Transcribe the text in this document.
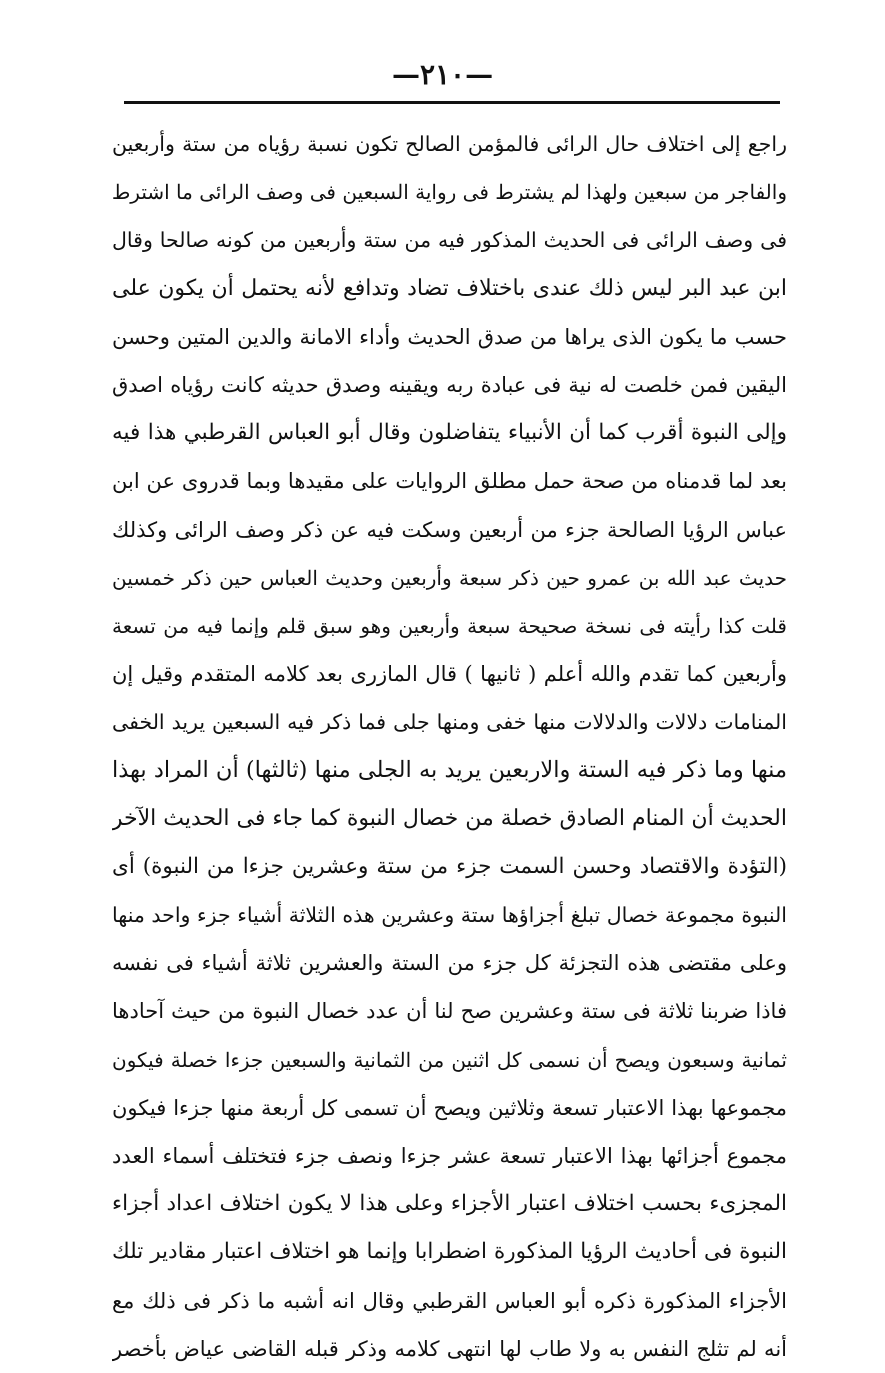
—٢١٠—
راجع إلى اختلاف حال الرائى فالمؤمن الصالح تكون نسبة رؤياه من ستة وأربعين
والفاجر من سبعين ولهذا لم يشترط فى رواية السبعين فى وصف الرائى ما اشترط
فى وصف الرائى فى الحديث المذكور فيه من ستة وأربعين من كونه صالحا وقال
ابن عبد البر ليس ذلك عندى باختلاف تضاد وتدافع لأنه يحتمل أن يكون على
حسب ما يكون الذى يراها من صدق الحديث وأداء الامانة والدين المتين وحسن
اليقين فمن خلصت له نية فى عبادة ربه ويقينه وصدق حديثه كانت رؤياه اصدق
وإلى النبوة أقرب كما أن الأنبياء يتفاضلون وقال أبو العباس القرطبي هذا فيه
بعد لما قدمناه من صحة حمل مطلق الروايات على مقيدها وبما قدروى عن ابن
عباس الرؤيا الصالحة جزء من أربعين وسكت فيه عن ذكر وصف الرائى وكذلك
حديث عبد الله بن عمرو حين ذكر سبعة وأربعين وحديث العباس حين ذكر خمسين
قلت كذا رأيته فى نسخة صحيحة سبعة وأربعين وهو سبق قلم وإنما فيه من تسعة
وأربعين كما تقدم والله أعلم ( ثانيها ) قال المازرى بعد كلامه المتقدم وقيل إن
المنامات دلالات والدلالات منها خفى ومنها جلى فما ذكر فيه السبعين يريد الخفى
منها وما ذكر فيه الستة والاربعين يريد به الجلى منها (ثالثها) أن المراد بهذا
الحديث أن المنام الصادق خصلة من خصال النبوة كما جاء فى الحديث الآخر
(التؤدة والاقتصاد وحسن السمت جزء من ستة وعشرين جزءا من النبوة) أى
النبوة مجموعة خصال تبلغ أجزاؤها ستة وعشرين هذه الثلاثة أشياء جزء واحد منها
وعلى مقتضى هذه التجزئة كل جزء من الستة والعشرين ثلاثة أشياء فى نفسه
فاذا ضربنا ثلاثة فى ستة وعشرين صح لنا أن عدد خصال النبوة من حيث آحادها
ثمانية وسبعون ويصح أن نسمى كل اثنين من الثمانية والسبعين جزءا خصلة فيكون
مجموعها بهذا الاعتبار تسعة وثلاثين ويصح أن تسمى كل أربعة منها جزءا فيكون
مجموع أجزائها بهذا الاعتبار تسعة عشر جزءا ونصف جزء فتختلف أسماء العدد
المجزىء بحسب اختلاف اعتبار الأجزاء وعلى هذا لا يكون اختلاف اعداد أجزاء
النبوة فى أحاديث الرؤيا المذكورة اضطرابا وإنما هو اختلاف اعتبار مقادير تلك
الأجزاء المذكورة ذكره أبو العباس القرطبي وقال انه أشبه ما ذكر فى ذلك مع
أنه لم تثلج النفس به ولا طاب لها انتهى كلامه وذكر قبله القاضى عياض بأخصر
